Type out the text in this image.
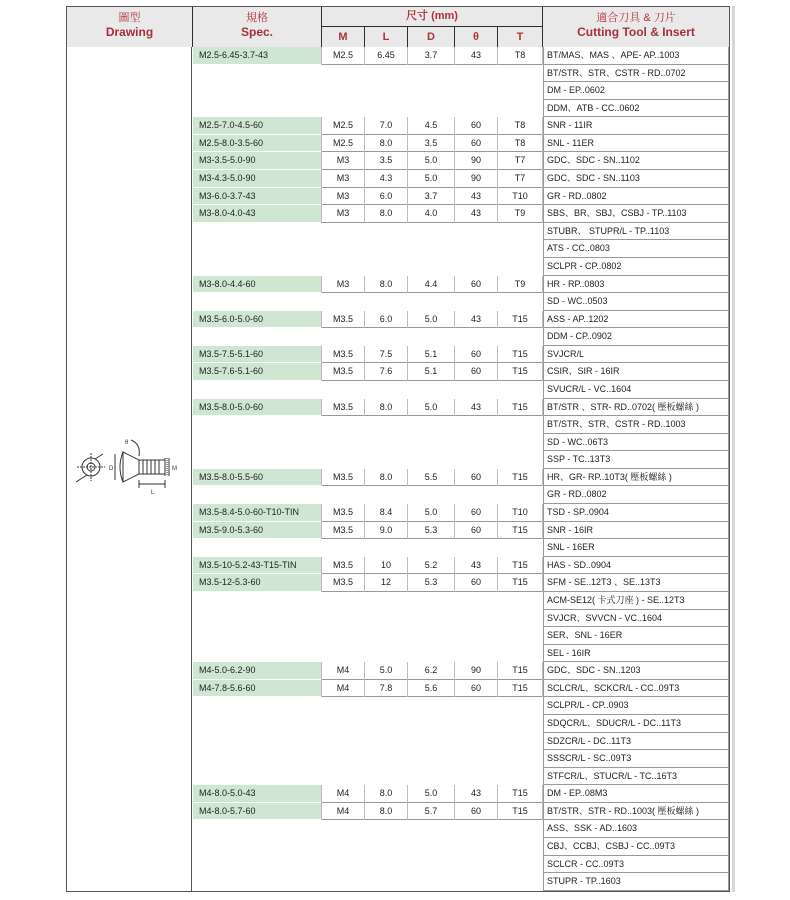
圖型
Drawing
規格
Spec.
尺寸 (mm)
M	L	D	θ	T
適合刀具 & 刀片
Cutting Tool & Insert
θ
D
L
M
M2.5-6.45-3.7-43	M2.5	6.45	3.7	43	T8	BT/MAS、MAS 、APE- AP..1003
BT/STR、STR、CSTR - RD..0702
DM - EP..0602
DDM、ATB - CC..0602
M2.5-7.0-4.5-60	M2.5	7.0	4.5	60	T8	SNR - 11IR
M2.5-8.0-3.5-60	M2.5	8.0	3.5	60	T8	SNL - 11ER
M3-3.5-5.0-90	M3	3.5	5.0	90	T7	GDC、SDC - SN..1102
M3-4.3-5.0-90	M3	4.3	5.0	90	T7	GDC、SDC - SN..1103
M3-6.0-3.7-43	M3	6.0	3.7	43	T10	GR - RD..0802
M3-8.0-4.0-43	M3	8.0	4.0	43	T9	SBS、BR、SBJ、CSBJ - TP..1103
STUBR、 STUPR/L - TP..1103
ATS - CC..0803
SCLPR - CP..0802
M3-8.0-4.4-60	M3	8.0	4.4	60	T9	HR - RP..0803
SD - WC..0503
M3.5-6.0-5.0-60	M3.5	6.0	5.0	43	T15	ASS - AP..1202
DDM - CP..0902
M3.5-7.5-5.1-60	M3.5	7.5	5.1	60	T15	SVJCR/L
M3.5-7.6-5.1-60	M3.5	7.6	5.1	60	T15	CSIR、SIR - 16IR
SVUCR/L - VC..1604
M3.5-8.0-5.0-60	M3.5	8.0	5.0	43	T15	BT/STR 、STR- RD..0702( 壓板螺絲 )
BT/STR、STR、CSTR - RD..1003
SD - WC..06T3
SSP - TC..13T3
M3.5-8.0-5.5-60	M3.5	8.0	5.5	60	T15	HR、GR- RP..10T3( 壓板螺絲 )
GR - RD..0802
M3.5-8.4-5.0-60-T10-TIN	M3.5	8.4	5.0	60	T10	TSD - SP..0904
M3.5-9.0-5.3-60	M3.5	9.0	5.3	60	T15	SNR - 16IR
SNL - 16ER
M3.5-10-5.2-43-T15-TIN	M3.5	10	5.2	43	T15	HAS - SD..0904
M3.5-12-5.3-60	M3.5	12	5.3	60	T15	SFM - SE..12T3 、SE..13T3
ACM-SE12( 卡式刀座 ) - SE..12T3
SVJCR、SVVCN - VC..1604
SER、SNL - 16ER
SEL - 16IR
M4-5.0-6.2-90	M4	5.0	6.2	90	T15	GDC、SDC - SN..1203
M4-7.8-5.6-60	M4	7.8	5.6	60	T15	SCLCR/L、SCKCR/L - CC..09T3
SCLPR/L - CP..0903
SDQCR/L、SDUCR/L - DC..11T3
SDZCR/L - DC..11T3
SSSCR/L - SC..09T3
STFCR/L、STUCR/L - TC..16T3
M4-8.0-5.0-43	M4	8.0	5.0	43	T15	DM - EP..08M3
M4-8.0-5.7-60	M4	8.0	5.7	60	T15	BT/STR、STR - RD..1003( 壓板螺絲 )
ASS、SSK - AD..1603
CBJ、CCBJ、CSBJ - CC..09T3
SCLCR - CC..09T3
STUPR - TP..1603
